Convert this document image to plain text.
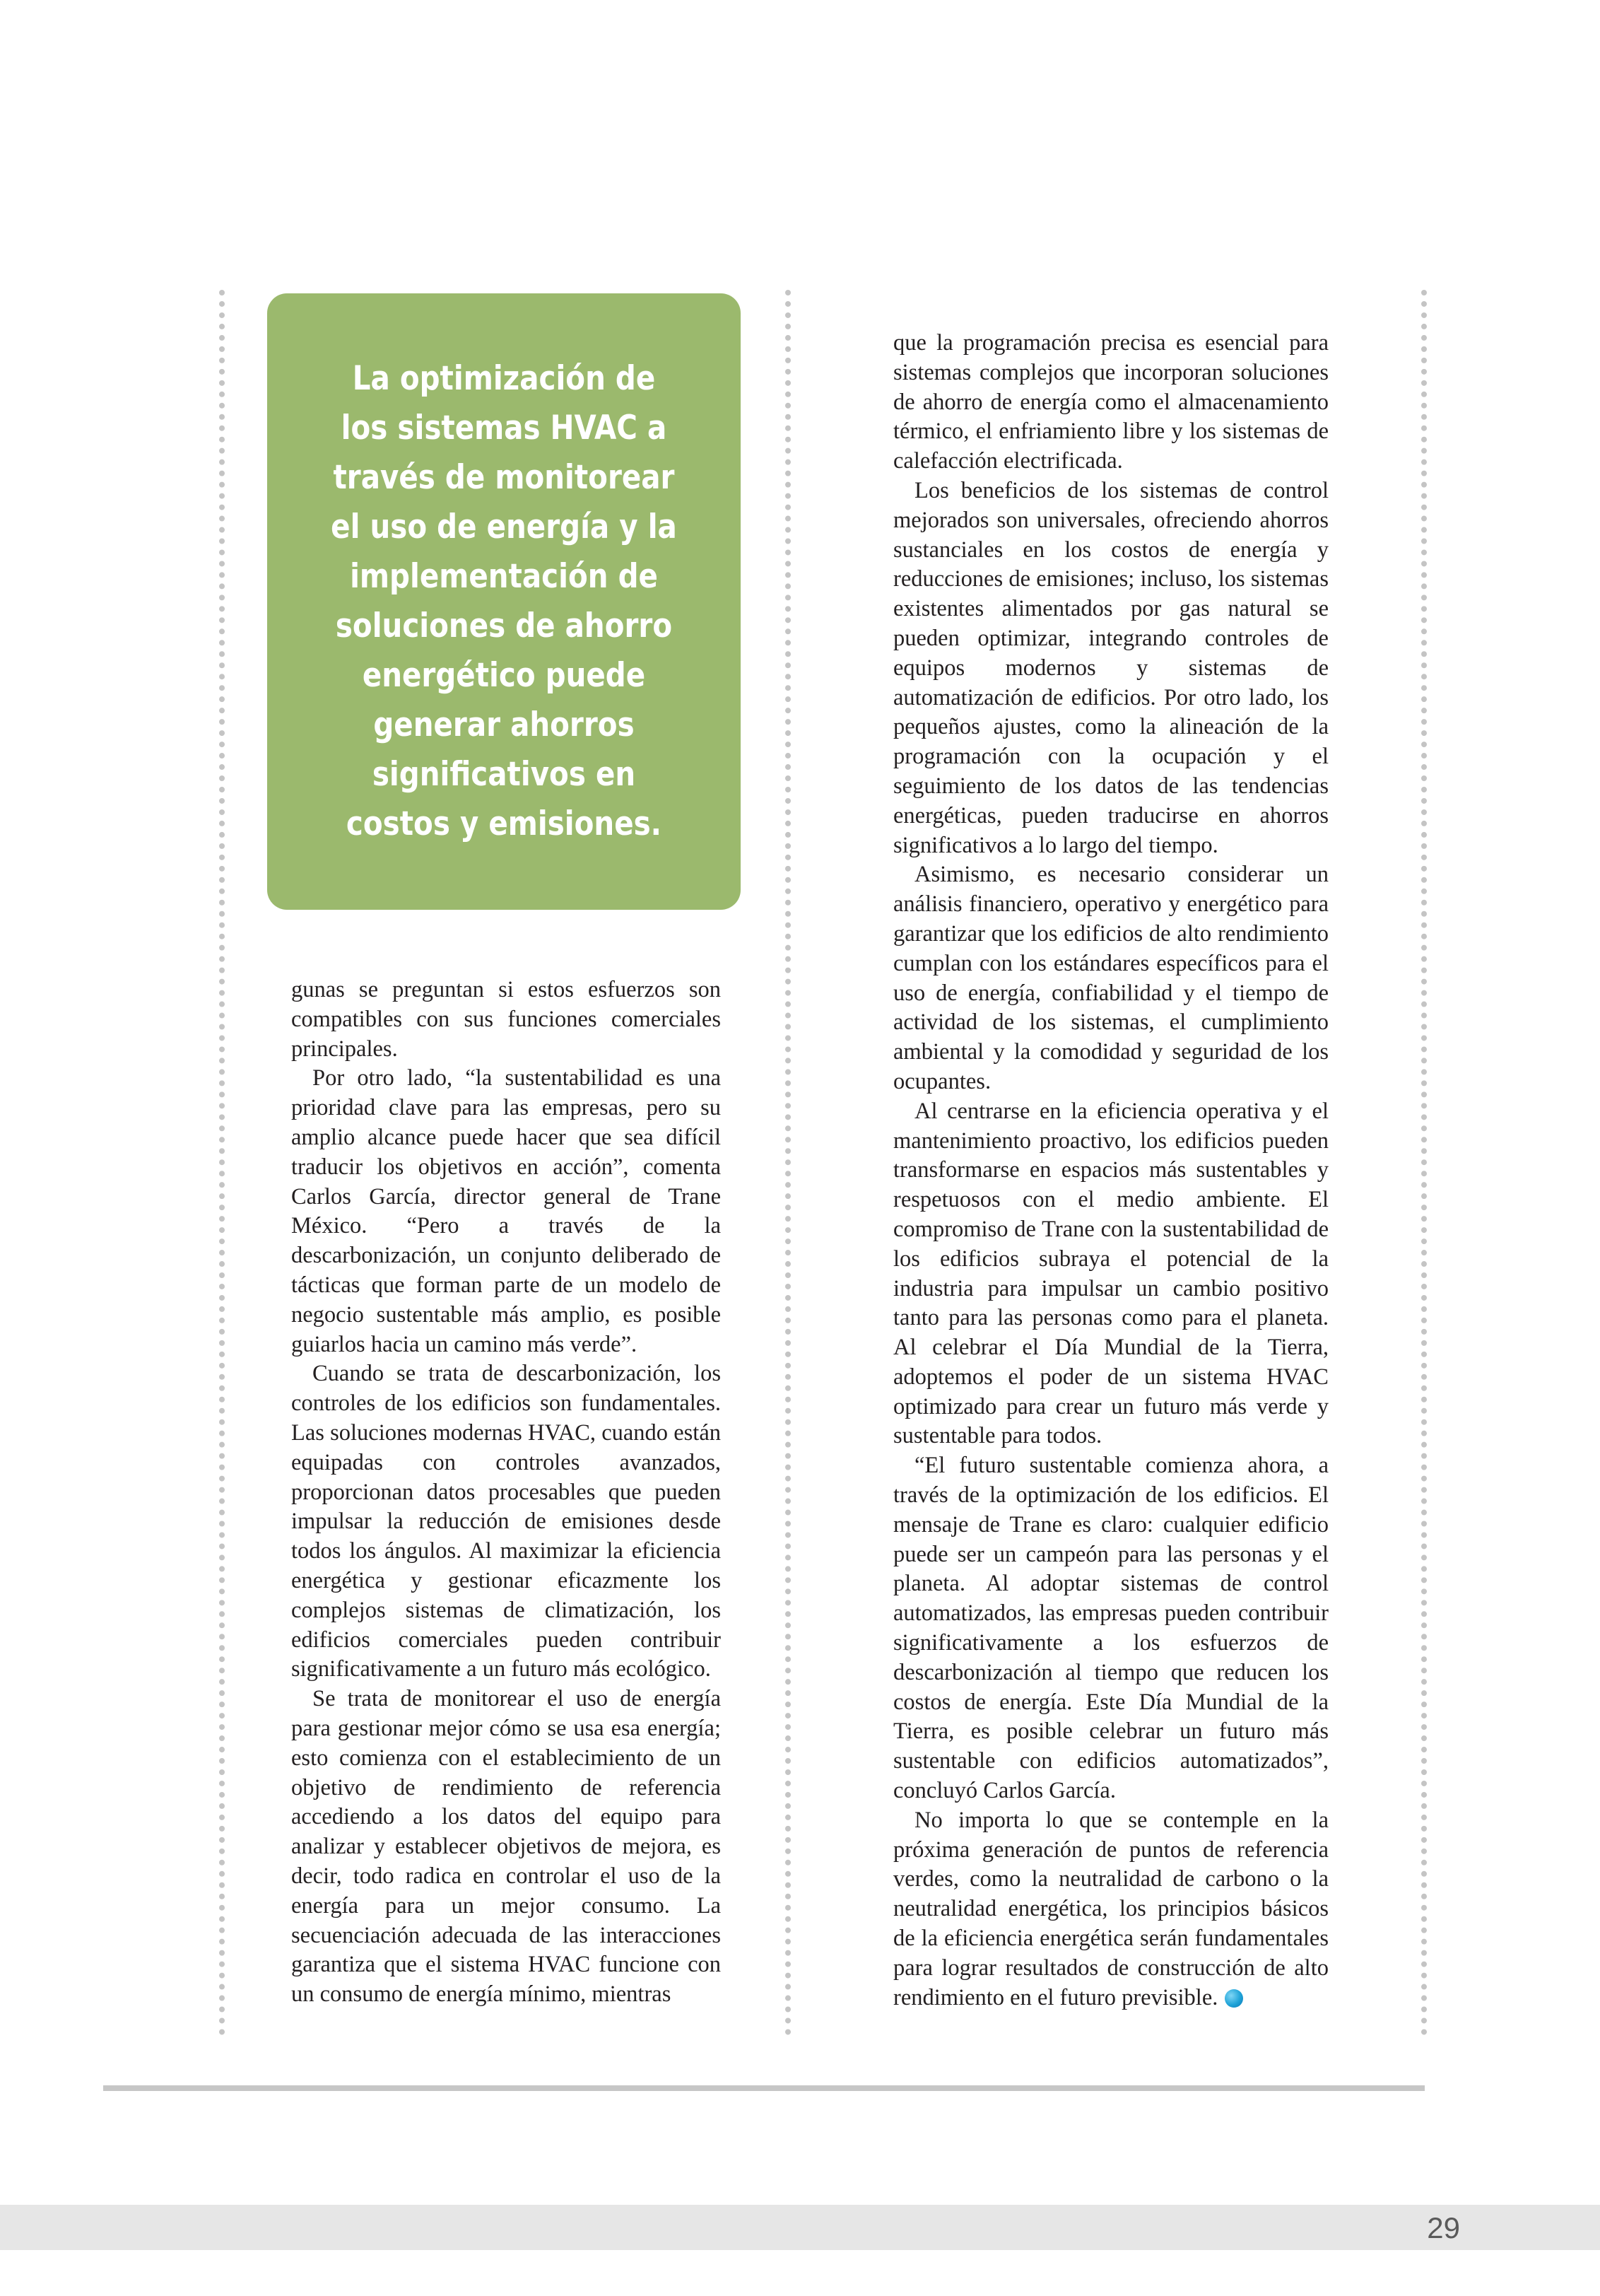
La optimización de los sistemas HVAC a través de monitorear el uso de energía y la implementación de soluciones de ahorro energético puede generar ahorros significativos en costos y emisiones.

gunas se preguntan si estos esfuerzos son compatibles con sus funciones comerciales principales.

Por otro lado, “la sustentabilidad es una prioridad clave para las empresas, pero su amplio alcance puede hacer que sea difícil traducir los objetivos en acción”, comenta Carlos García, director general de Trane México. “Pero a través de la descarbonización, un conjunto deliberado de tácticas que forman parte de un modelo de negocio sustentable más amplio, es posible guiarlos hacia un camino más verde”.

Cuando se trata de descarbonización, los controles de los edificios son fundamentales. Las soluciones modernas HVAC, cuando están equipadas con controles avanzados, proporcionan datos procesables que pueden impulsar la reducción de emisiones desde todos los ángulos. Al maximizar la eficiencia energética y gestionar eficazmente los complejos sistemas de climatización, los edificios comerciales pueden contribuir significativamente a un futuro más ecológico.

Se trata de monitorear el uso de energía para gestionar mejor cómo se usa esa energía; esto comienza con el establecimiento de un objetivo de rendimiento de referencia accediendo a los datos del equipo para analizar y establecer objetivos de mejora, es decir, todo radica en controlar el uso de la energía para un mejor consumo. La secuenciación adecuada de las interacciones garantiza que el sistema HVAC funcione con un consumo de energía mínimo, mientras

que la programación precisa es esencial para sistemas complejos que incorporan soluciones de ahorro de energía como el almacenamiento térmico, el enfriamiento libre y los sistemas de calefacción electrificada.

Los beneficios de los sistemas de control mejorados son universales, ofreciendo ahorros sustanciales en los costos de energía y reducciones de emisiones; incluso, los sistemas existentes alimentados por gas natural se pueden optimizar, integrando controles de equipos modernos y sistemas de automatización de edificios. Por otro lado, los pequeños ajustes, como la alineación de la programación con la ocupación y el seguimiento de los datos de las tendencias energéticas, pueden traducirse en ahorros significativos a lo largo del tiempo.

Asimismo, es necesario considerar un análisis financiero, operativo y energético para garantizar que los edificios de alto rendimiento cumplan con los estándares específicos para el uso de energía, confiabilidad y el tiempo de actividad de los sistemas, el cumplimiento ambiental y la comodidad y seguridad de los ocupantes.

Al centrarse en la eficiencia operativa y el mantenimiento proactivo, los edificios pueden transformarse en espacios más sustentables y respetuosos con el medio ambiente. El compromiso de Trane con la sustentabilidad de los edificios subraya el potencial de la industria para impulsar un cambio positivo tanto para las personas como para el planeta. Al celebrar el Día Mundial de la Tierra, adoptemos el poder de un sistema HVAC optimizado para crear un futuro más verde y sustentable para todos.

“El futuro sustentable comienza ahora, a través de la optimización de los edificios. El mensaje de Trane es claro: cualquier edificio puede ser un campeón para las personas y el planeta. Al adoptar sistemas de control automatizados, las empresas pueden contribuir significativamente a los esfuerzos de descarbonización al tiempo que reducen los costos de energía. Este Día Mundial de la Tierra, es posible celebrar un futuro más sustentable con edificios automatizados”, concluyó Carlos García.

No importa lo que se contemple en la próxima generación de puntos de referencia verdes, como la neutralidad de carbono o la neutralidad energética, los principios básicos de la eficiencia energética serán fundamentales para lograr resultados de construcción de alto rendimiento en el futuro previsible.

29
